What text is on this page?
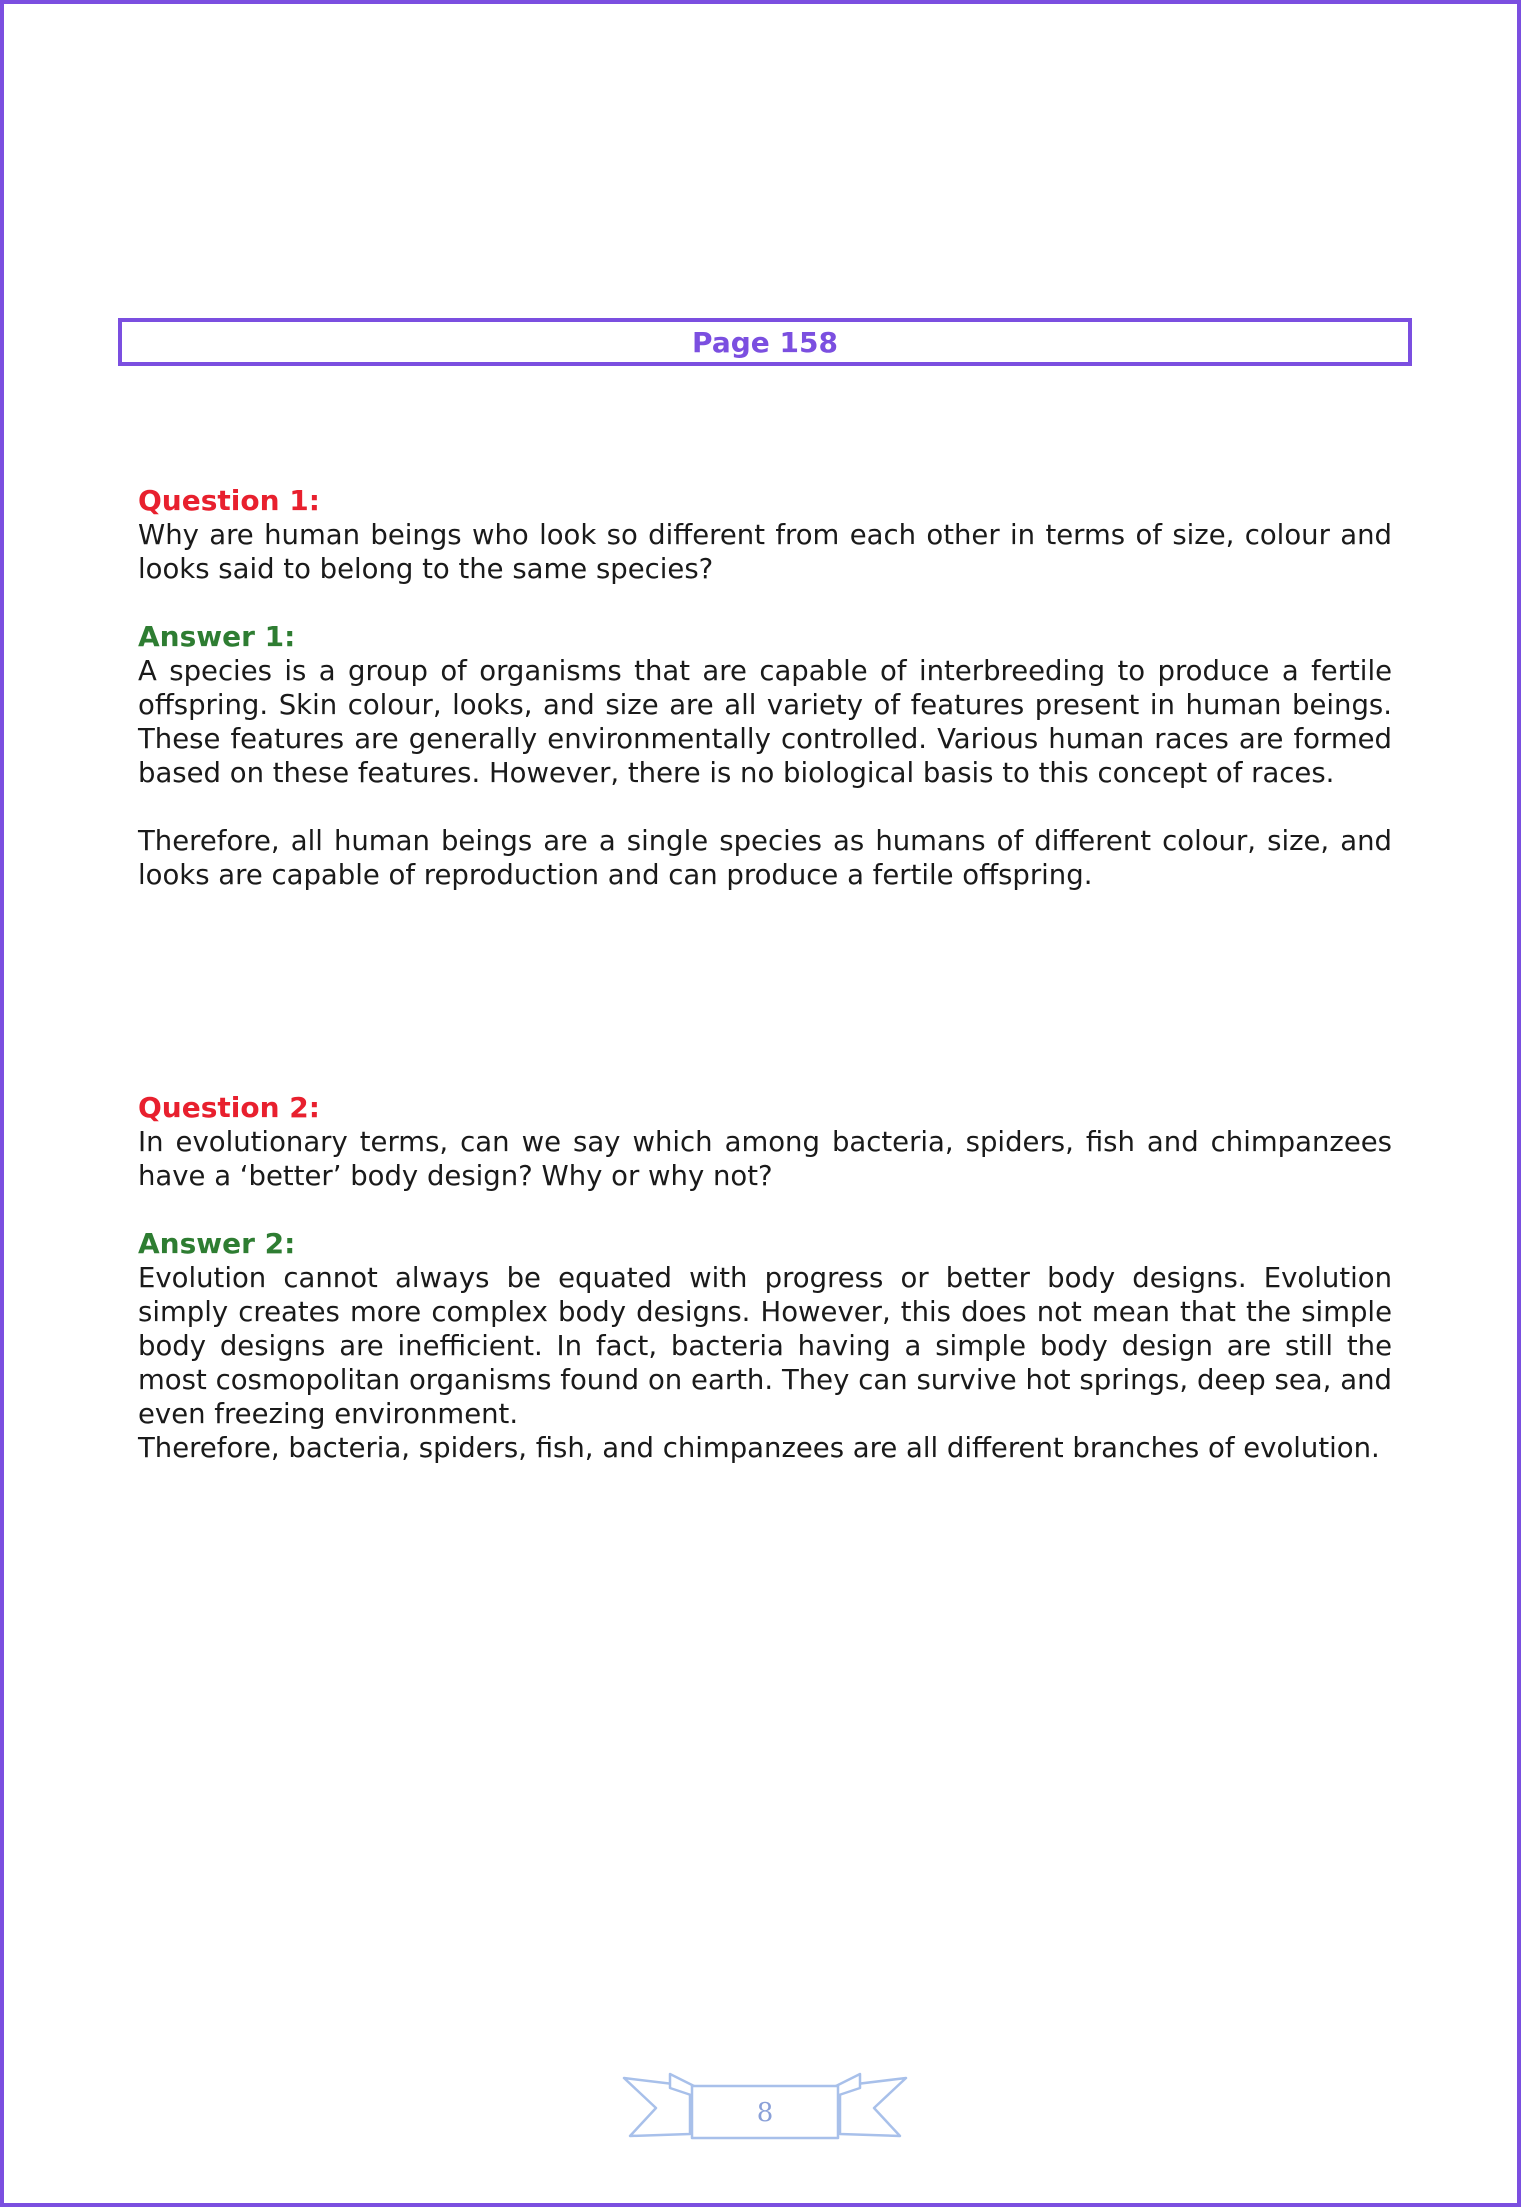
Page 158

Question 1:

Why are human beings who look so different from each other in terms of size, colour and looks said to belong to the same species?

Answer 1:

A species is a group of organisms that are capable of interbreeding to produce a fertile offspring. Skin colour, looks, and size are all variety of features present in human beings. These features are generally environmentally controlled. Various human races are formed based on these features. However, there is no biological basis to this concept of races.

Therefore, all human beings are a single species as humans of different colour, size, and looks are capable of reproduction and can produce a fertile offspring.

Question 2:

In evolutionary terms, can we say which among bacteria, spiders, fish and chimpanzees have a ‘better’ body design? Why or why not?

Answer 2:

Evolution cannot always be equated with progress or better body designs. Evolution simply creates more complex body designs. However, this does not mean that the simple body designs are inefficient. In fact, bacteria having a simple body design are still the most cosmopolitan organisms found on earth. They can survive hot springs, deep sea, and even freezing environment.

Therefore, bacteria, spiders, fish, and chimpanzees are all different branches of evolution.

8
